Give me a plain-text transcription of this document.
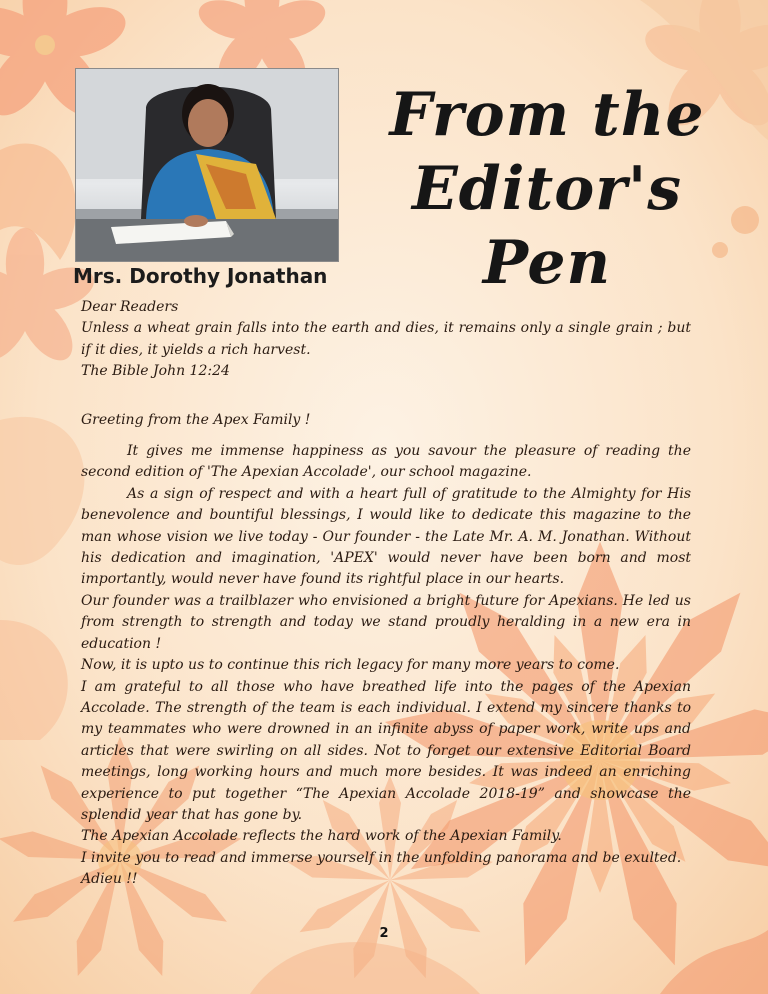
Mrs. Dorothy Jonathan
From the
Editor's Pen

Dear Readers

Unless a wheat grain falls into the earth and dies, it remains only a single grain ; but if it dies, it yields a rich harvest.

The Bible John 12:24

Greeting from the Apex Family !

It gives me immense happiness as you savour the pleasure of reading the second edition of 'The Apexian Accolade', our school magazine.

As a sign of respect and with a heart full of gratitude to the Almighty for His benevolence and bountiful blessings, I would like to dedicate this magazine to the man whose vision we live today - Our founder - the Late Mr. A. M. Jonathan. Without his dedication and imagination, 'APEX' would never have been born and most importantly, would never have found its rightful place in our hearts.

Our founder was a trailblazer who envisioned a bright future for Apexians. He led us from strength to strength and today we stand proudly heralding in a new era in education !

Now, it is upto us to continue this rich legacy for many more years to come.

I am grateful to all those who have breathed life into the pages of the Apexian Accolade. The strength of the team is each individual. I extend my sincere thanks to my teammates who were drowned in an infinite abyss of paper work, write ups and articles that were swirling on all sides. Not to forget our extensive Editorial Board meetings, long working hours and much more besides. It was indeed an enriching experience to put together “The Apexian Accolade 2018-19” and showcase the splendid year that has gone by.

The Apexian Accolade reflects the hard work of the Apexian Family.

I invite you to read and immerse yourself in the unfolding panorama and be exulted.

Adieu !!

2
